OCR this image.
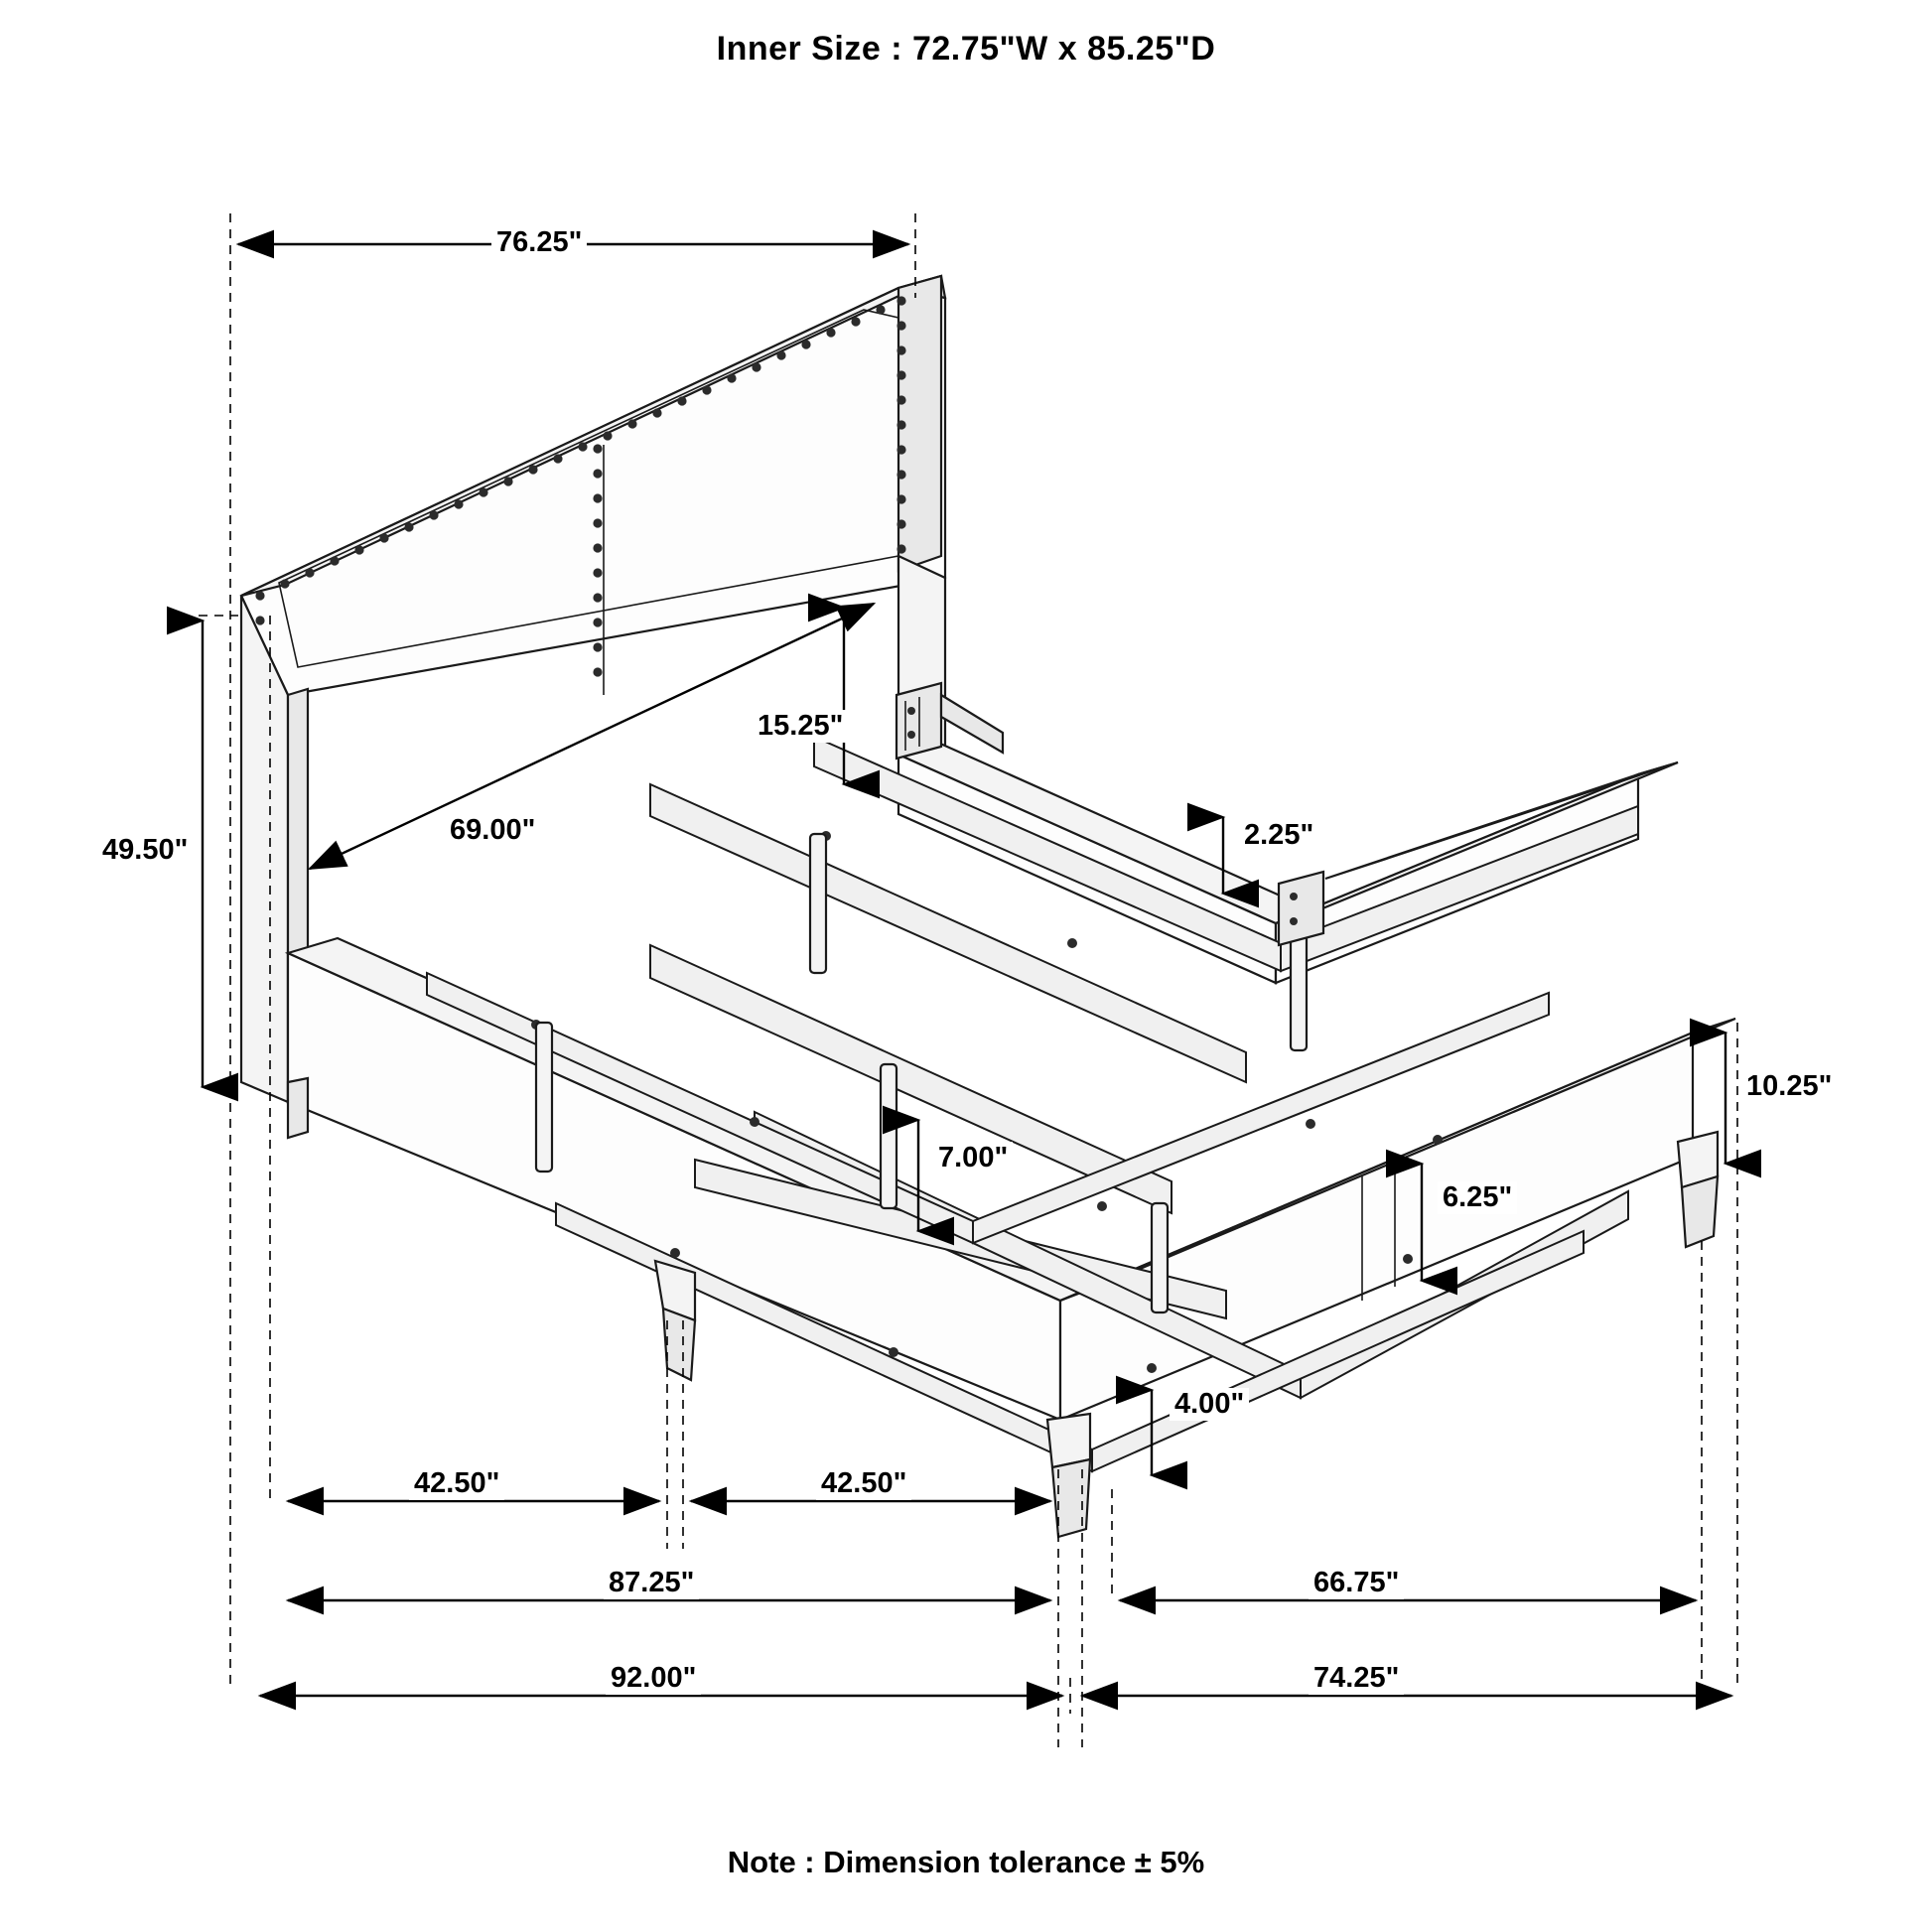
Inner Size : 72.75"W x 85.25"D
76.25"
49.50"
15.25"
69.00"	2.25"
10.25"
7.00"
6.25"
4.00"
42.50"	42.50"
87.25"	66.75"
92.00"	74.25"
Note : Dimension tolerance ± 5%
